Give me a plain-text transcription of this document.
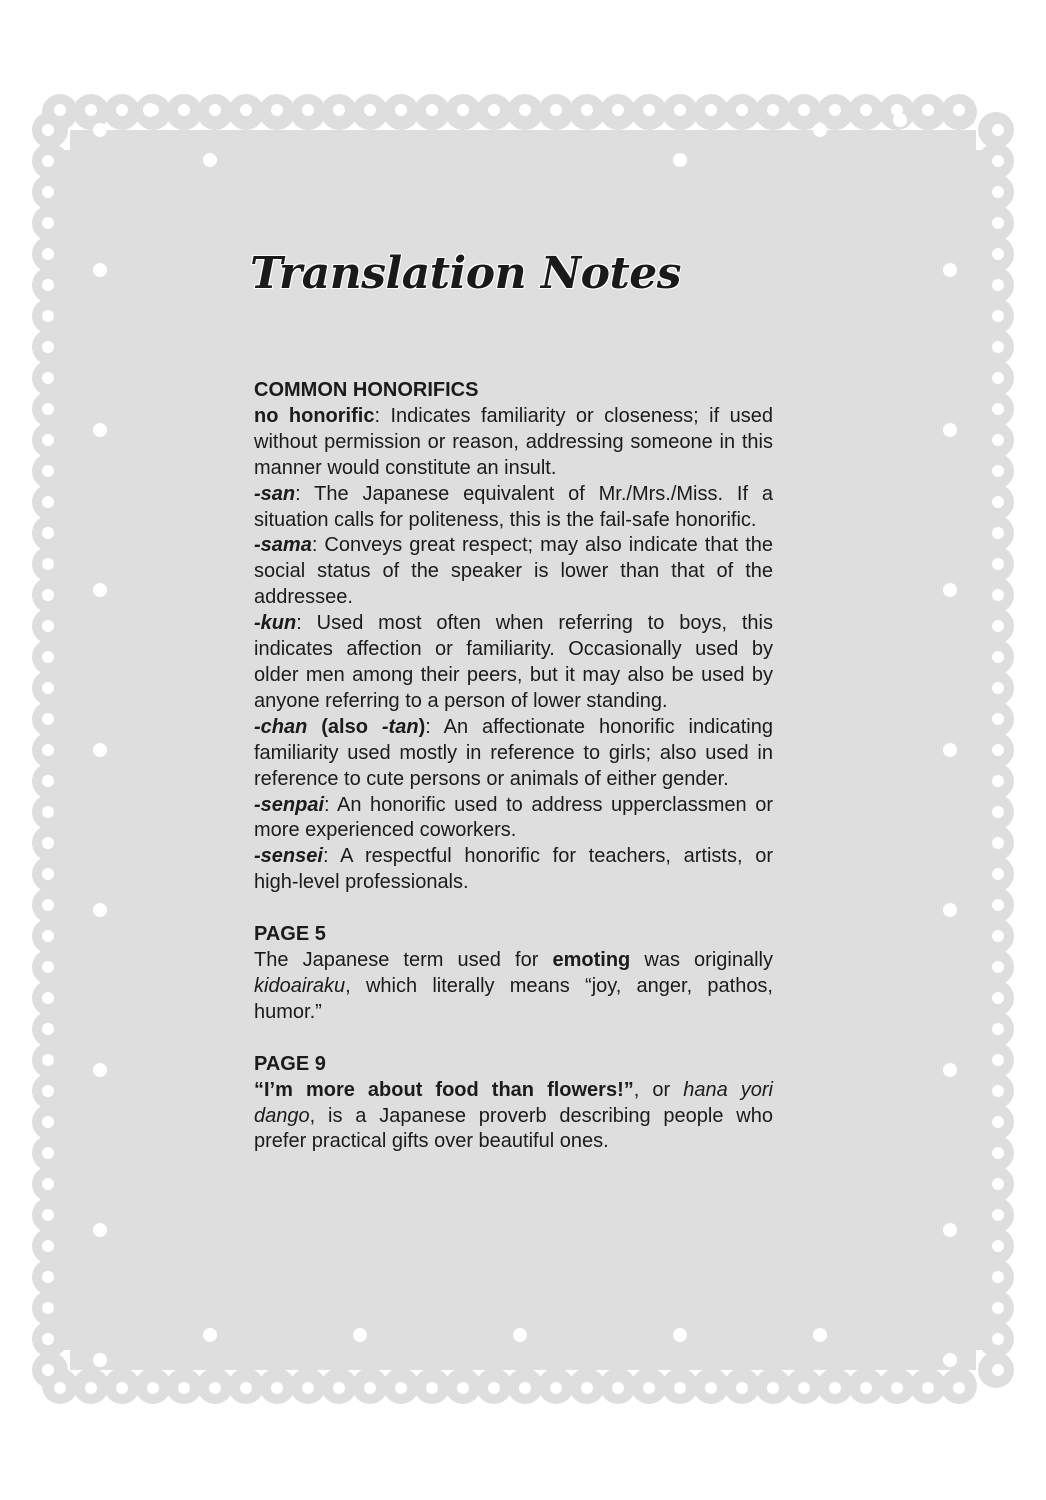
Translation Notes

COMMON HONORIFICS

no honorific: Indicates familiarity or closeness; if used without permission or reason, addressing someone in this manner would constitute an insult.

-san: The Japanese equivalent of Mr./Mrs./Miss. If a situation calls for politeness, this is the fail-safe honorific.

-sama: Conveys great respect; may also indicate that the social status of the speaker is lower than that of the addressee.

-kun: Used most often when referring to boys, this indicates affection or familiarity. Occasionally used by older men among their peers, but it may also be used by anyone referring to a person of lower standing.

-chan (also -tan): An affectionate honorific indicating familiarity used mostly in reference to girls; also used in reference to cute persons or animals of either gender.

-senpai: An honorific used to address upperclassmen or more experienced coworkers.

-sensei: A respectful honorific for teachers, artists, or high-level professionals.

PAGE 5

The Japanese term used for emoting was originally kidoairaku, which literally means “joy, anger, pathos, humor.”

PAGE 9

“I’m more about food than flowers!”, or hana yori dango, is a Japanese proverb describing people who prefer practical gifts over beautiful ones.
